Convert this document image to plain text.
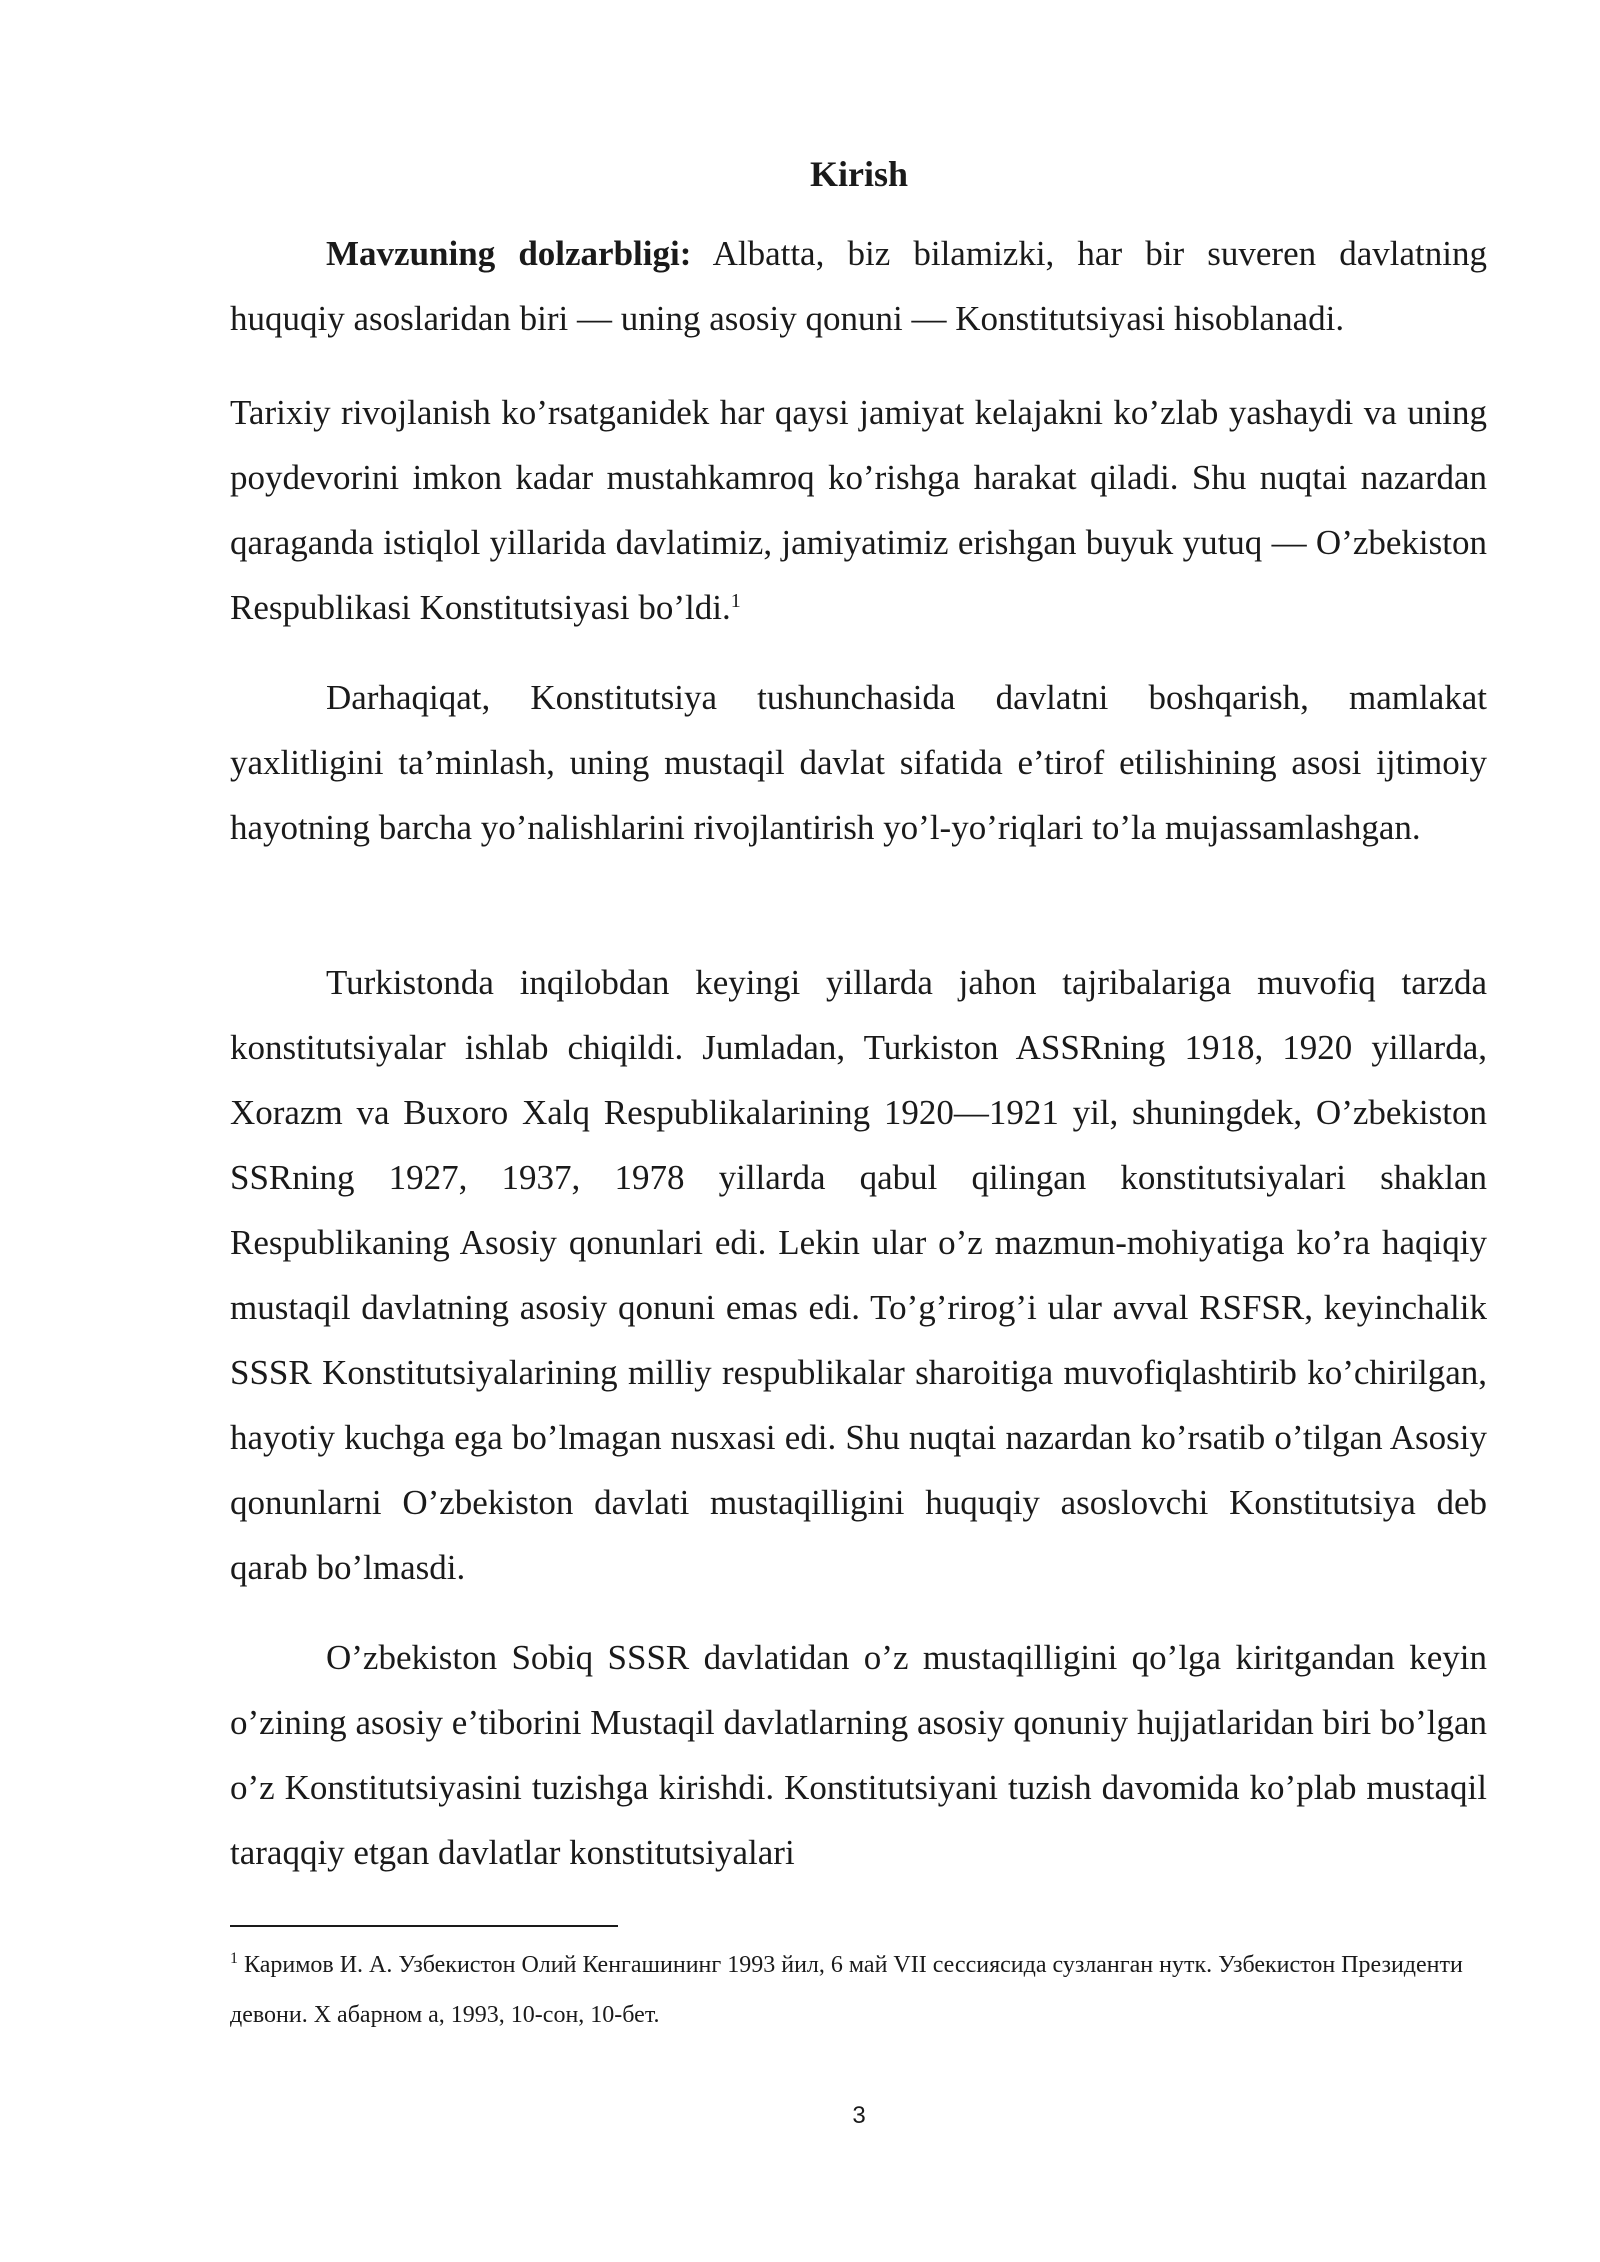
Kirish

Mavzuning dolzarbligi: Albatta, biz bilamizki, har bir suveren davlatning huquqiy asoslaridan biri — uning asosiy qonuni — Konstitutsiyasi hisoblanadi.

Tarixiy rivojlanish ko’rsatganidek har qaysi jamiyat kelajakni ko’zlab yashaydi va uning poydevorini imkon kadar mustahkamroq ko’rishga harakat qiladi. Shu nuqtai nazardan qaraganda istiqlol yillarida davlatimiz, jamiyatimiz erishgan buyuk yutuq — O’zbekiston Respublikasi Konstitutsiyasi bo’ldi.$^1$

Darhaqiqat, Konstitutsiya tushunchasida davlatni boshqarish, mamlakat yaxlitligini ta’minlash, uning mustaqil davlat sifatida e’tirof etilishining asosi ijtimoiy hayotning barcha yo’nalishlarini rivojlantirish yo’l-yo’riqlari to’la mujassamlashgan.

Turkistonda inqilobdan keyingi yillarda jahon tajribalariga muvofiq tarzda konstitutsiyalar ishlab chiqildi. Jumladan, Turkiston ASSRning 1918, 1920 yillarda, Xorazm va Buxoro Xalq Respublikalarining 1920—1921 yil, shuningdek, O’zbekiston SSRning 1927, 1937, 1978 yillarda qabul qilingan konstitutsiyalari shaklan Respublikaning Asosiy qonunlari edi. Lekin ular o’z mazmun-mohiyatiga ko’ra haqiqiy mustaqil davlatning asosiy qonuni emas edi. To’g’rirog’i ular avval RSFSR, keyinchalik SSSR Konstitutsiyalarining milliy respublikalar sharoitiga muvofiqlashtirib ko’chirilgan, hayotiy kuchga ega bo’lmagan nusxasi edi. Shu nuqtai nazardan ko’rsatib o’tilgan Asosiy qonunlarni O’zbekiston davlati mustaqilligini huquqiy asoslovchi Konstitutsiya deb qarab bo’lmasdi.

O’zbekiston Sobiq SSSR davlatidan o’z mustaqilligini qo’lga kiritgandan keyin o’zining asosiy e’tiborini Mustaqil davlatlarning asosiy qonuniy hujjatlaridan biri bo’lgan o’z Konstitutsiyasini tuzishga kirishdi. Konstitutsiyani tuzish davomida ko’plab mustaqil taraqqiy etgan davlatlar konstitutsiyalari

$^1$ Каримов И. А. Узбекистон Олий Кенгашининг 1993 йил, 6 май VII сессиясида сузланган нутк. Узбекистон Президенти девони. Х абарном а, 1993, 10-сон, 10-бет.

3
